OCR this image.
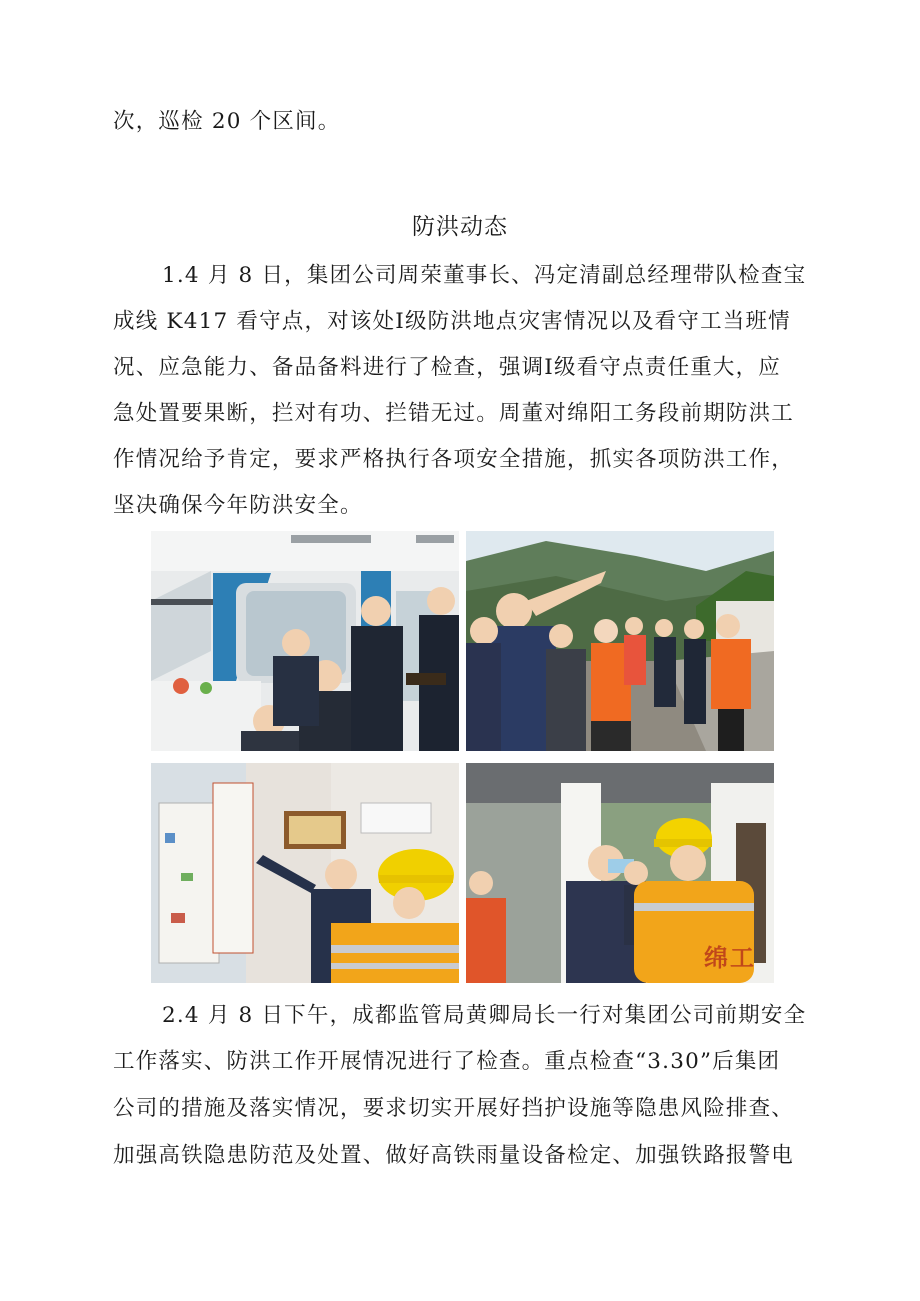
次，巡检 20 个区间。
防洪动态
1.4 月 8 日，集团公司周荣董事长、冯定清副总经理带队检查宝
成线 K417 看守点，对该处Ⅰ级防洪地点灾害情况以及看守工当班情
况、应急能力、备品备料进行了检查，强调Ⅰ级看守点责任重大，应
急处置要果断，拦对有功、拦错无过。周董对绵阳工务段前期防洪工
作情况给予肯定，要求严格执行各项安全措施，抓实各项防洪工作，
坚决确保今年防洪安全。
绵工
2.4 月 8 日下午，成都监管局黄卿局长一行对集团公司前期安全
工作落实、防洪工作开展情况进行了检查。重点检查“3.30”后集团
公司的措施及落实情况，要求切实开展好挡护设施等隐患风险排查、
加强高铁隐患防范及处置、做好高铁雨量设备检定、加强铁路报警电
